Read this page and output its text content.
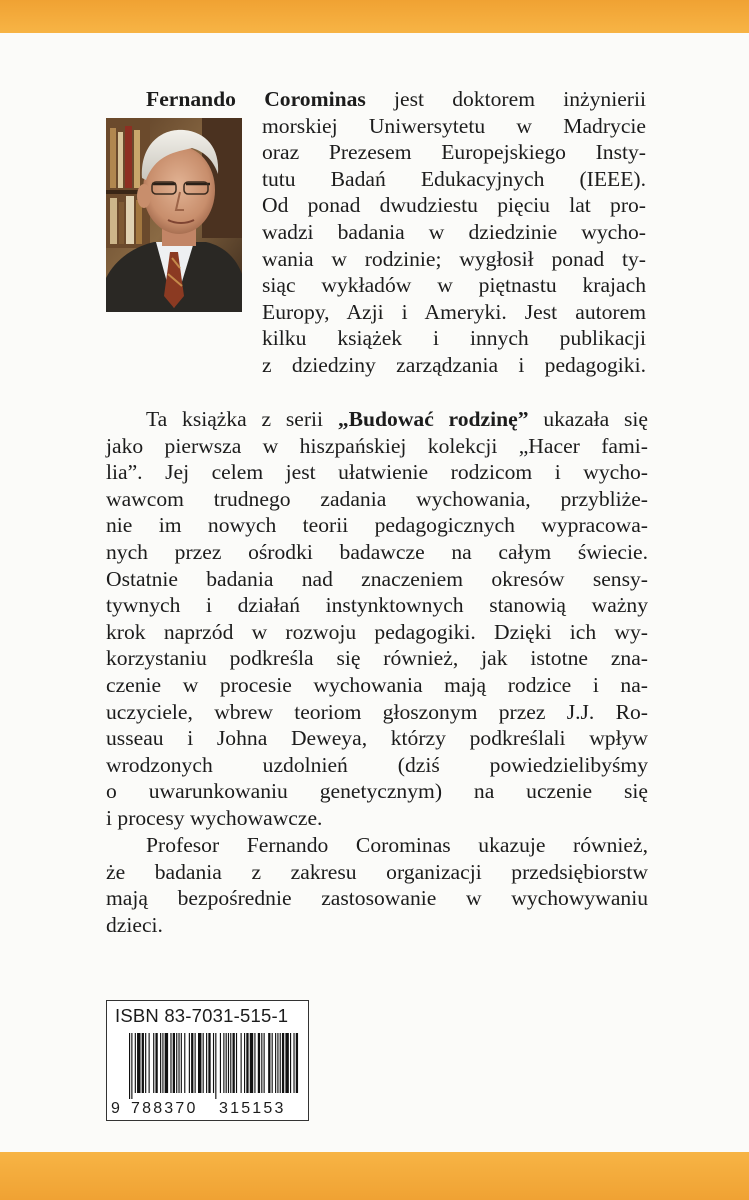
Fernando Corominas jest doktorem inżynierii
morskiej Uniwersytetu w Madrycie
oraz Prezesem Europejskiego Insty-
tutu Badań Edukacyjnych (IEEE).
Od ponad dwudziestu pięciu lat pro-
wadzi badania w dziedzinie wycho-
wania w rodzinie; wygłosił ponad ty-
siąc wykładów w piętnastu krajach
Europy, Azji i Ameryki. Jest autorem
kilku książek i innych publikacji
z dziedziny zarządzania i pedagogiki.
Ta książka z serii „Budować rodzinę” ukazała się
jako pierwsza w hiszpańskiej kolekcji „Hacer fami-
lia”. Jej celem jest ułatwienie rodzicom i wycho-
wawcom trudnego zadania wychowania, przybliże-
nie im nowych teorii pedagogicznych wypracowa-
nych przez ośrodki badawcze na całym świecie.
Ostatnie badania nad znaczeniem okresów sensy-
tywnych i działań instynktownych stanowią ważny
krok naprzód w rozwoju pedagogiki. Dzięki ich wy-
korzystaniu podkreśla się również, jak istotne zna-
czenie w procesie wychowania mają rodzice i na-
uczyciele, wbrew teoriom głoszonym przez J.J. Ro-
usseau i Johna Deweya, którzy podkreślali wpływ
wrodzonych uzdolnień (dziś powiedzielibyśmy
o uwarunkowaniu genetycznym) na uczenie się
i procesy wychowawcze.
Profesor Fernando Corominas ukazuje również,
że badania z zakresu organizacji przedsiębiorstw
mają bezpośrednie zastosowanie w wychowywaniu
dzieci.
ISBN 83-7031-515-1
9 788370 315153
